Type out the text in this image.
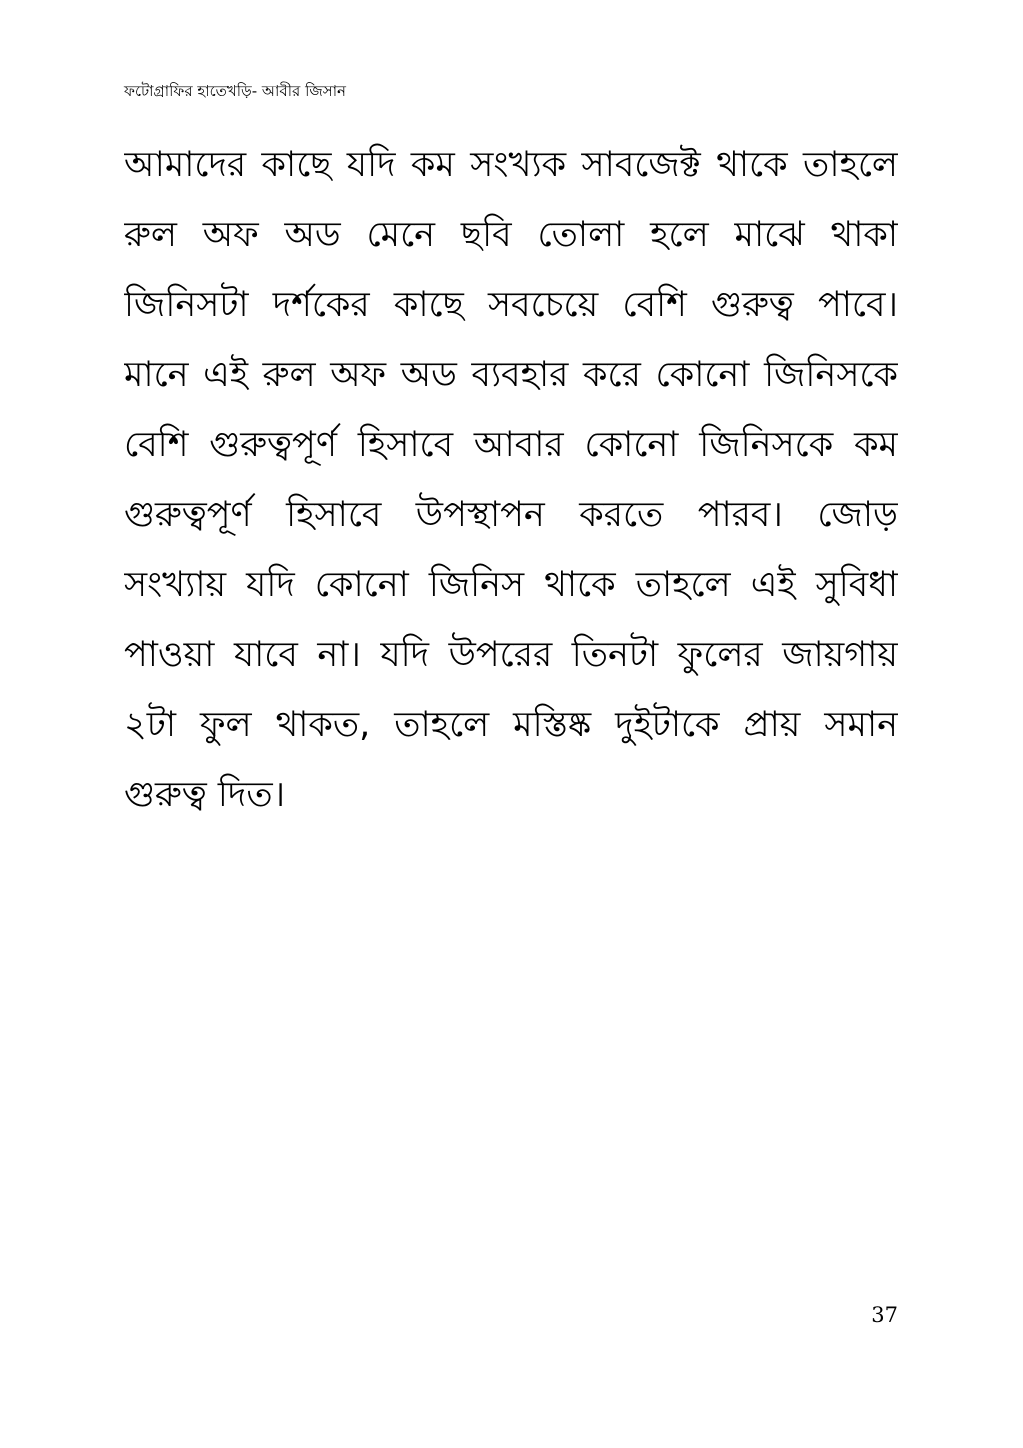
ফটোগ্রাফির হাতেখড়ি- আবীর জিসান
আমাদের কাছে যদি কম সংখ্যক সাবজেক্ট থাকে তাহলে
রুল অফ অড মেনে ছবি তোলা হলে মাঝে থাকা
জিনিসটা দর্শকের কাছে সবচেয়ে বেশি গুরুত্ব পাবে।
মানে এই রুল অফ অড ব্যবহার করে কোনো জিনিসকে
বেশি গুরুত্বপূর্ণ হিসাবে আবার কোনো জিনিসকে কম
গুরুত্বপূর্ণ হিসাবে উপস্থাপন করতে পারব। জোড়
সংখ্যায় যদি কোনো জিনিস থাকে তাহলে এই সুবিধা
পাওয়া যাবে না। যদি উপরের তিনটা ফুলের জায়গায়
২টা ফুল থাকত, তাহলে মস্তিষ্ক দুইটাকে প্রায় সমান
গুরুত্ব দিত।
37
